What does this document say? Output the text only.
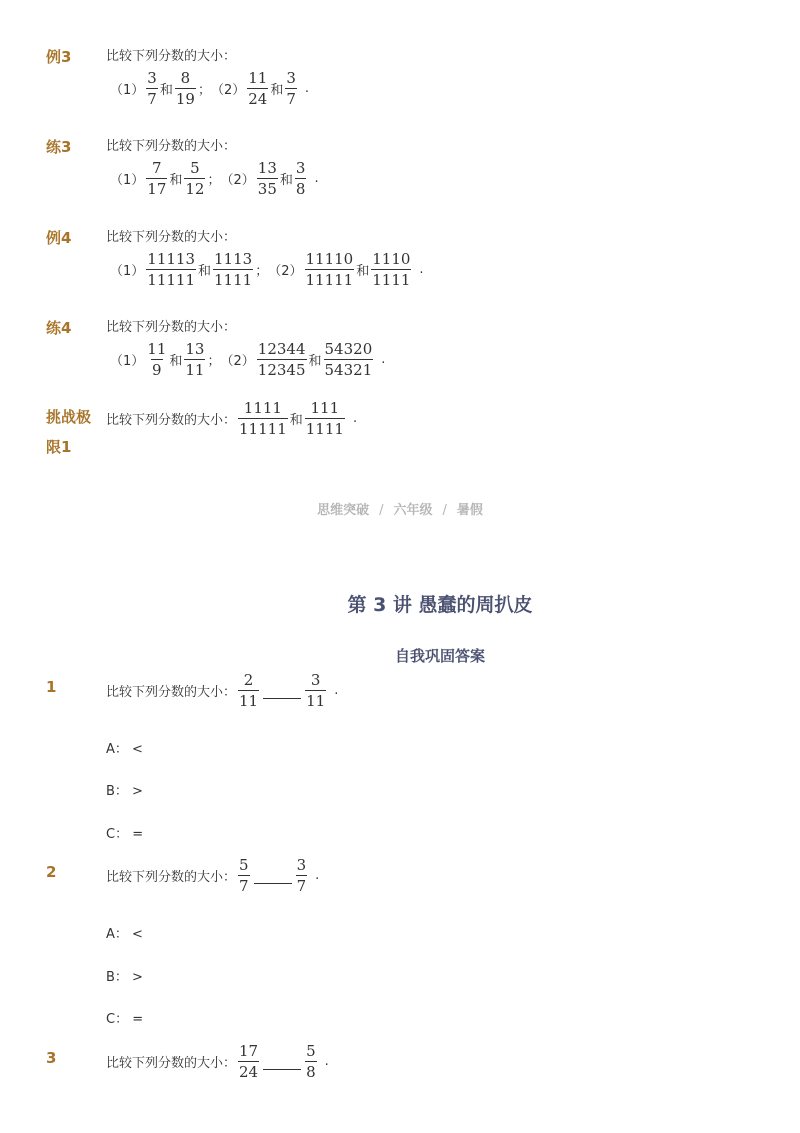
例3	比较下列分数的大小：
$(1) \frac{3}{7}$ 和 $\frac{8}{19}$ ； $(2) \frac{11}{24}$ 和 $\frac{3}{7}$ .
练3	比较下列分数的大小：
$(1) \frac{7}{17}$ 和 $\frac{5}{12}$ ； $(2) \frac{13}{35}$ 和 $\frac{3}{8}$ .
例4	比较下列分数的大小：
$(1) \frac{11113}{11111}$ 和 $\frac{1113}{1111}$ ； $(2) \frac{11110}{11111}$ 和 $\frac{1110}{1111}$ .
练4	比较下列分数的大小：
$(1) \frac{11}{9}$ 和 $\frac{13}{11}$ ； $(2) \frac{12344}{12345}$ 和 $\frac{54320}{54321}$ .
挑战极
限1
比较下列分数的大小： $\frac{1111}{11111}$ 和 $\frac{111}{1111}$ .
思维突破 / 六年级 / 暑假
第 3 讲 愚蠢的周扒皮
自我巩固答案
1	比较下列分数的大小： $\frac{2}{11}$	$\frac{3}{11}$ .
A： <
B： >
C： =
2	比较下列分数的大小： $\frac{5}{7}$	$\frac{3}{7}$ .
A： <
B： >
C： =
3	比较下列分数的大小： $\frac{17}{24}$	$\frac{5}{8}$ .
